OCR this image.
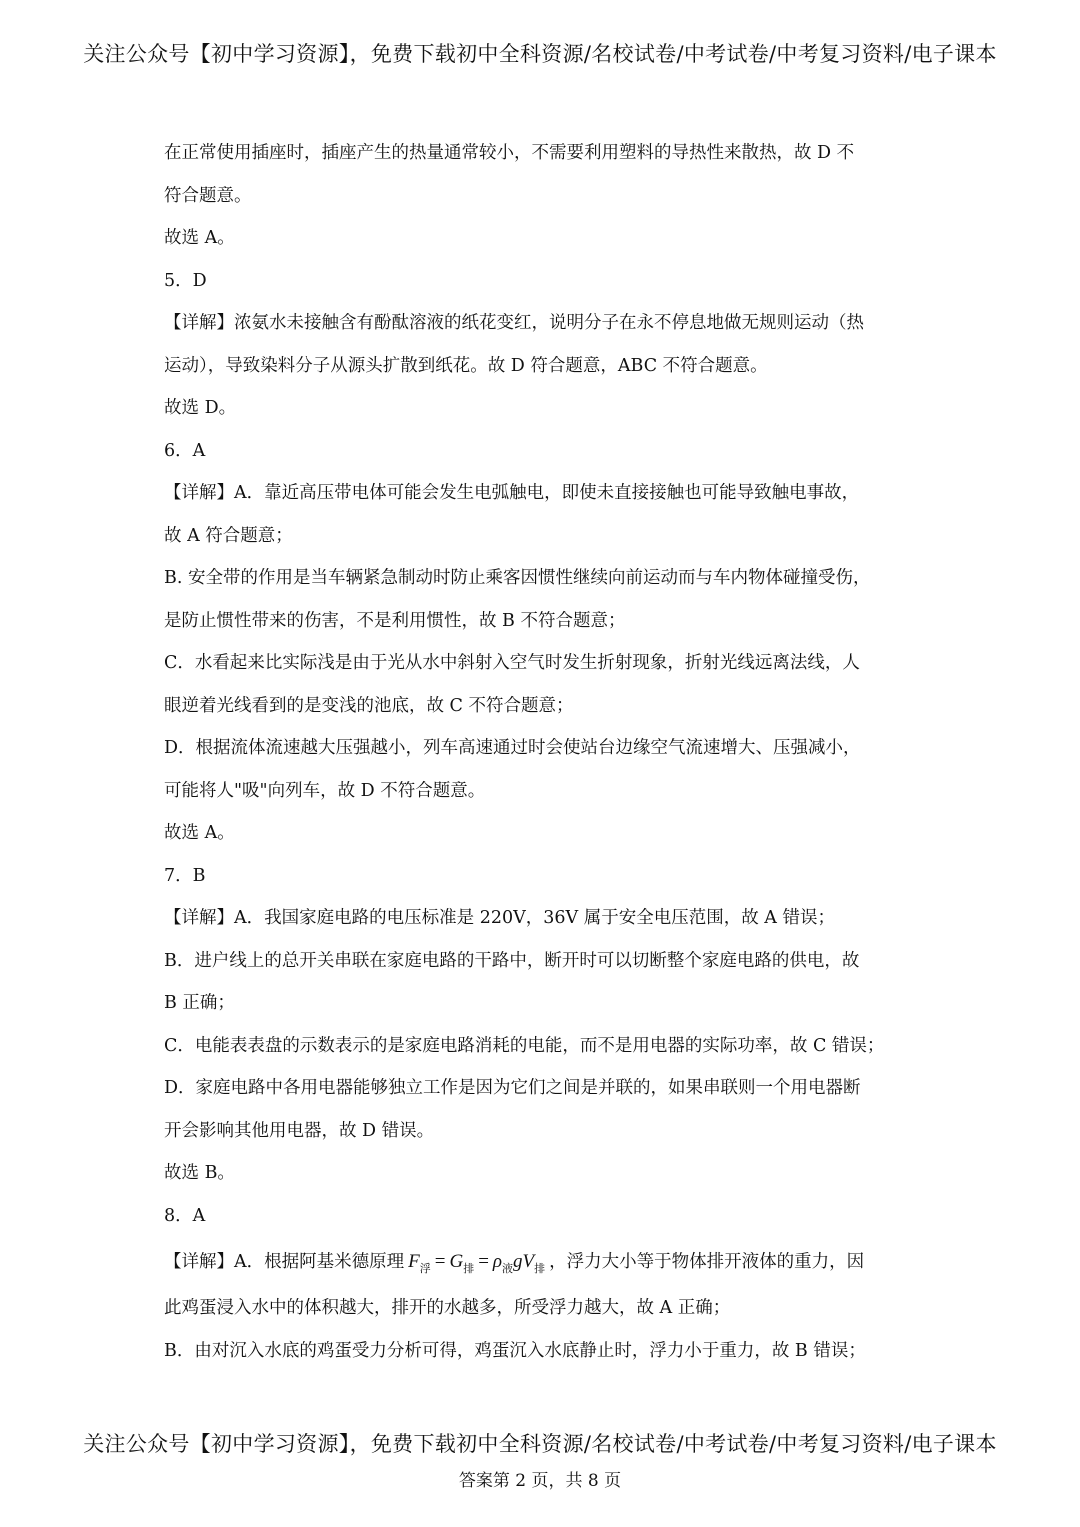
关注公众号【初中学习资源】，免费下载初中全科资源/名校试卷/中考试卷/中考复习资料/电子课本
在正常使用插座时，插座产生的热量通常较小，不需要利用塑料的导热性来散热，故 D 不
符合题意。
故选 A。
5．D
【详解】浓氨水未接触含有酚酞溶液的纸花变红，说明分子在永不停息地做无规则运动（热
运动），导致染料分子从源头扩散到纸花。故 D 符合题意，ABC 不符合题意。
故选 D。
6．A
【详解】A．靠近高压带电体可能会发生电弧触电，即使未直接接触也可能导致触电事故，
故 A 符合题意；
B. 安全带的作用是当车辆紧急制动时防止乘客因惯性继续向前运动而与车内物体碰撞受伤，
是防止惯性带来的伤害，不是利用惯性，故 B 不符合题意；
C．水看起来比实际浅是由于光从水中斜射入空气时发生折射现象，折射光线远离法线，人
眼逆着光线看到的是变浅的池底，故 C 不符合题意；
D．根据流体流速越大压强越小，列车高速通过时会使站台边缘空气流速增大、压强减小，
可能将人"吸"向列车，故 D 不符合题意。
故选 A。
7．B
【详解】A．我国家庭电路的电压标准是 220V，36V 属于安全电压范围，故 A 错误；
B．进户线上的总开关串联在家庭电路的干路中，断开时可以切断整个家庭电路的供电，故
B 正确；
C．电能表表盘的示数表示的是家庭电路消耗的电能，而不是用电器的实际功率，故 C 错误；
D．家庭电路中各用电器能够独立工作是因为它们之间是并联的，如果串联则一个用电器断
开会影响其他用电器，故 D 错误。
故选 B。
8．A
【详解】A．根据阿基米德原理 $F_浮 = G_排 = \rho_液gV_排$ ，浮力大小等于物体排开液体的重力，因
此鸡蛋浸入水中的体积越大，排开的水越多，所受浮力越大，故 A 正确；
B．由对沉入水底的鸡蛋受力分析可得，鸡蛋沉入水底静止时，浮力小于重力，故 B 错误；
关注公众号【初中学习资源】，免费下载初中全科资源/名校试卷/中考试卷/中考复习资料/电子课本
答案第 2 页，共 8 页
